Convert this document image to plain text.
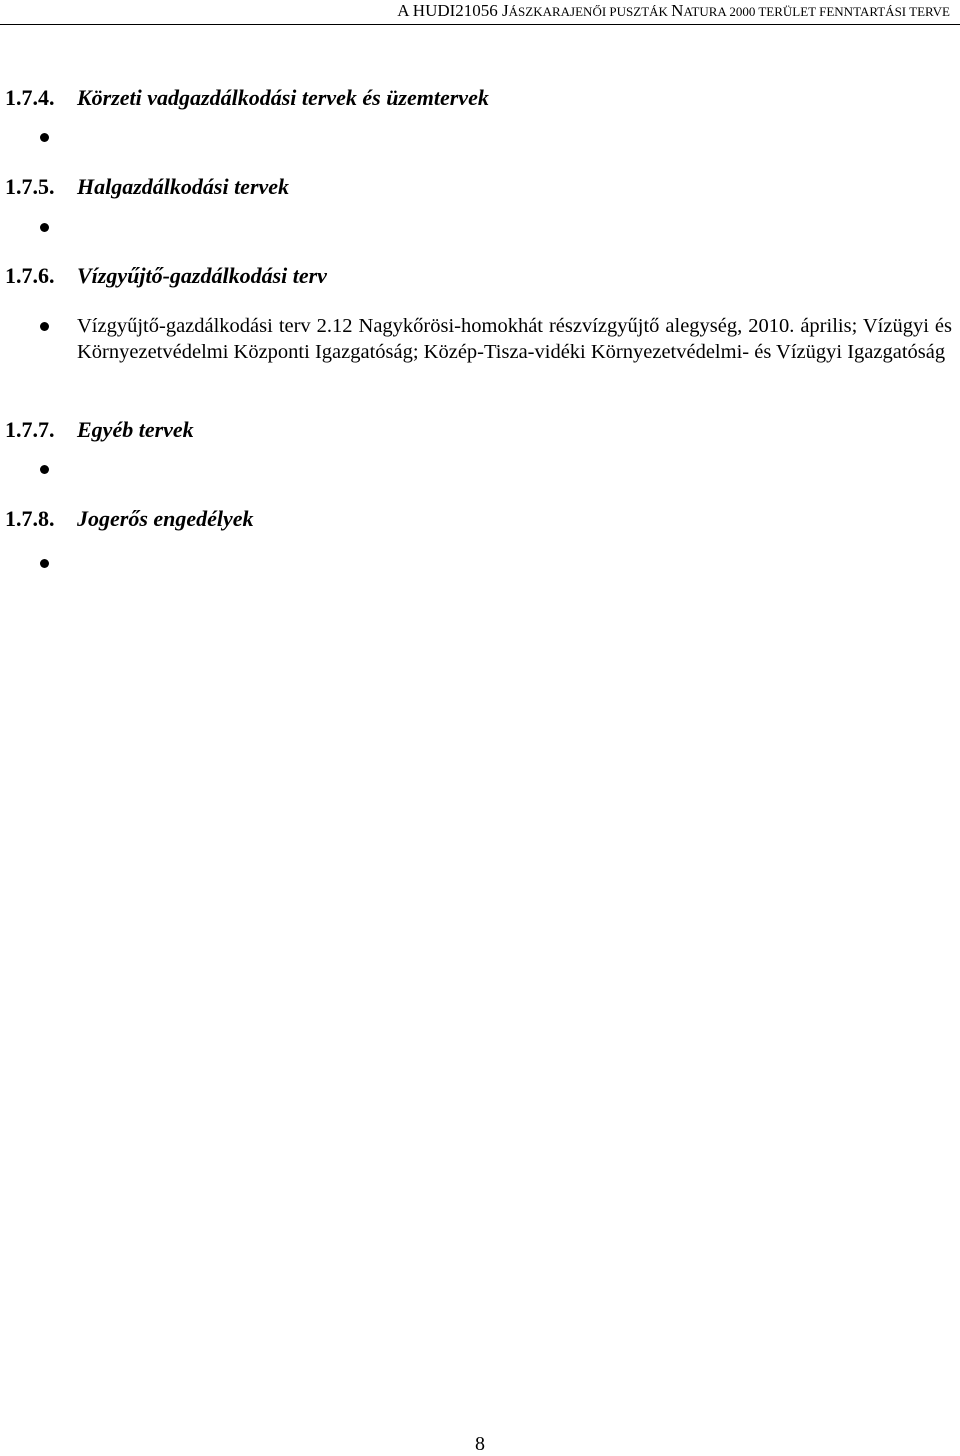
A HUDI21056 JÁSZKARAJENŐI PUSZTÁK NATURA 2000 TERÜLET FENNTARTÁSI TERVE
1.7.4. Körzeti vadgazdálkodási tervek és üzemtervek
1.7.5. Halgazdálkodási tervek
1.7.6. Vízgyűjtő-gazdálkodási terv
Vízgyűjtő-gazdálkodási terv 2.12 Nagykőrösi-homokhát részvízgyűjtő alegység, 2010. április; Vízügyi és Környezetvédelmi Központi Igazgatóság; Közép-Tisza-vidéki Környezetvédelmi- és Vízügyi Igazgatóság
1.7.7. Egyéb tervek
1.7.8. Jogerős engedélyek
8
